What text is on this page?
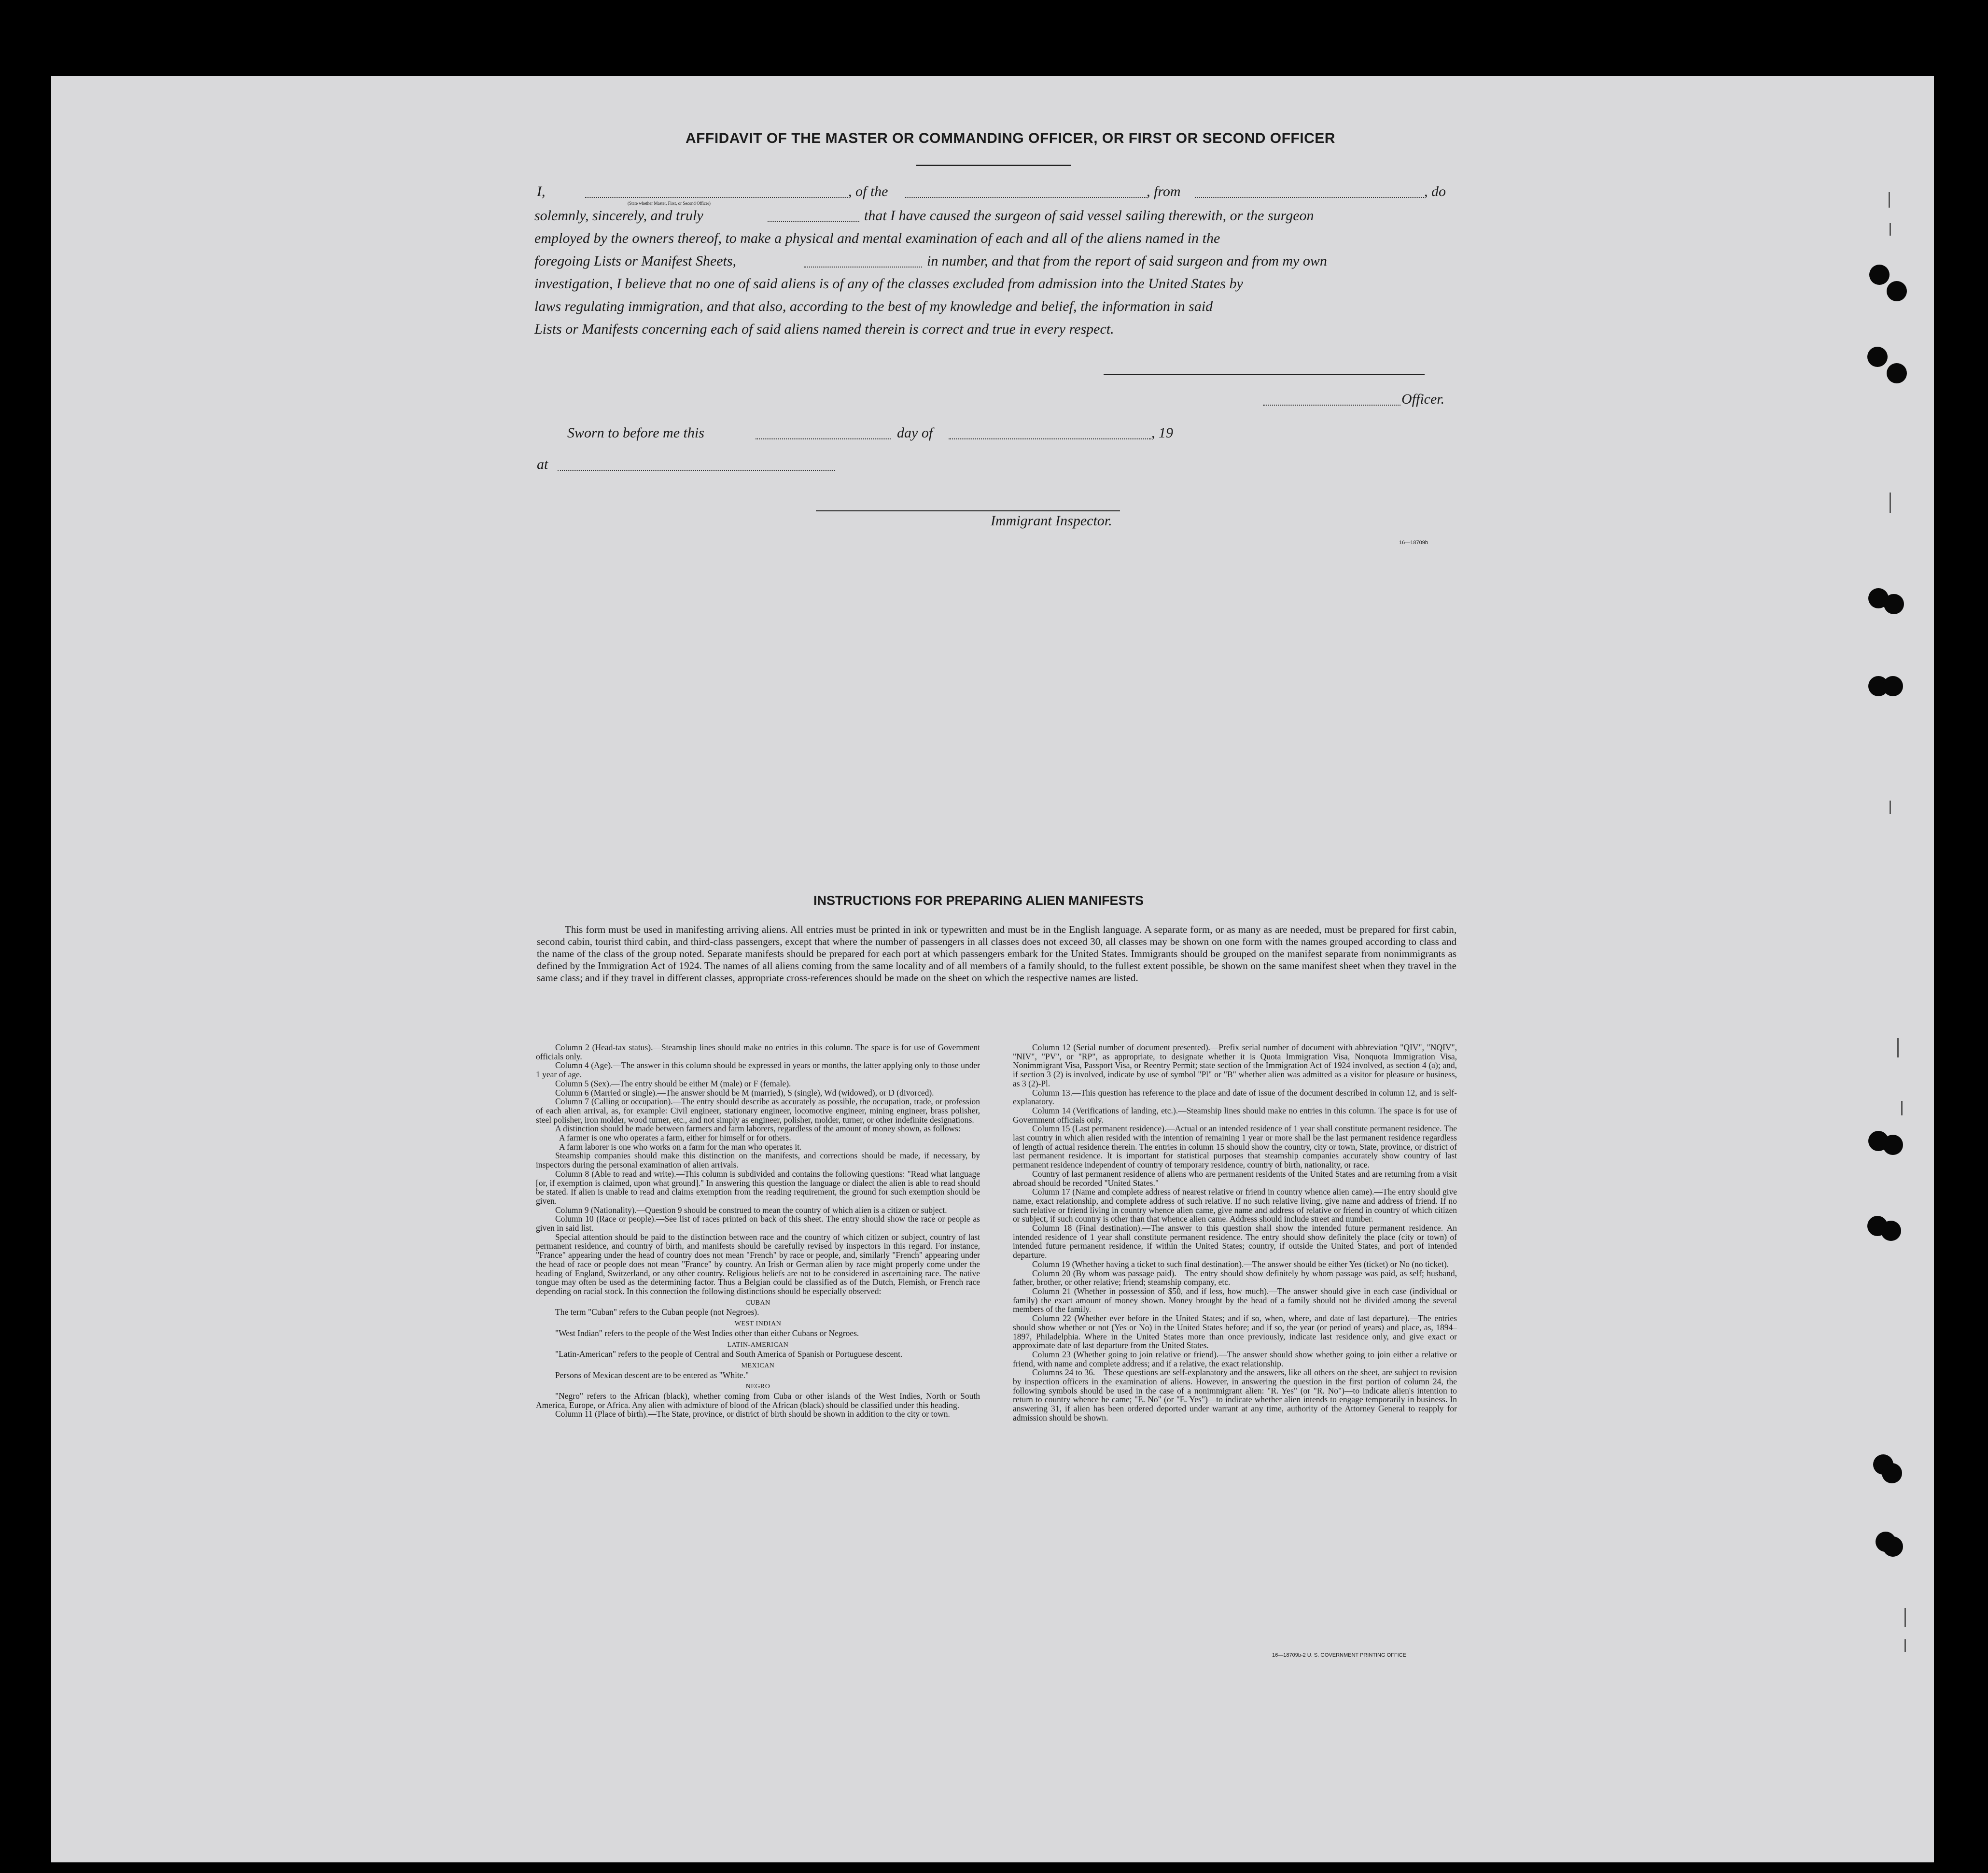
AFFIDAVIT OF THE MASTER OR COMMANDING OFFICER, OR FIRST OR SECOND OFFICER
I,
(State whether Master, First, or Second Officer)
, of the	, from	, do
solemnly, sincerely, and truly	that I have caused the surgeon of said vessel sailing therewith, or the surgeon
employed by the owners thereof, to make a physical and mental examination of each and all of the aliens named in the
foregoing Lists or Manifest Sheets,	in number, and that from the report of said surgeon and from my own
investigation, I believe that no one of said aliens is of any of the classes excluded from admission into the United States by
laws regulating immigration, and that also, according to the best of my knowledge and belief, the information in said
Lists or Manifests concerning each of said aliens named therein is correct and true in every respect.
Officer.
Sworn to before me this	day of	, 19
at
Immigrant Inspector.
16—18709b
INSTRUCTIONS FOR PREPARING ALIEN MANIFESTS
This form must be used in manifesting arriving aliens. All entries must be printed in ink or typewritten and must be in the English language. A separate form, or as many as are needed, must be prepared for first cabin, second cabin, tourist third cabin, and third-class passengers, except that where the number of passengers in all classes does not exceed 30, all classes may be shown on one form with the names grouped according to class and the name of the class of the group noted. Separate manifests should be prepared for each port at which passengers embark for the United States. Immigrants should be grouped on the manifest separate from nonimmigrants as defined by the Immigration Act of 1924. The names of all aliens coming from the same locality and of all members of a family should, to the fullest extent possible, be shown on the same manifest sheet when they travel in the same class; and if they travel in different classes, appropriate cross-references should be made on the sheet on which the respective names are listed.

Column 2 (Head-tax status).—Steamship lines should make no entries in this column. The space is for use of Government officials only.

Column 4 (Age).—The answer in this column should be expressed in years or months, the latter applying only to those under 1 year of age.

Column 5 (Sex).—The entry should be either M (male) or F (female).

Column 6 (Married or single).—The answer should be M (married), S (single), Wd (widowed), or D (divorced).

Column 7 (Calling or occupation).—The entry should describe as accurately as possible, the occupation, trade, or profession of each alien arrival, as, for example: Civil engineer, stationary engineer, locomotive engineer, mining engineer, brass polisher, steel polisher, iron molder, wood turner, etc., and not simply as engineer, polisher, molder, turner, or other indefinite designations.

A distinction should be made between farmers and farm laborers, regardless of the amount of money shown, as follows:

A farmer is one who operates a farm, either for himself or for others.

A farm laborer is one who works on a farm for the man who operates it.

Steamship companies should make this distinction on the manifests, and corrections should be made, if necessary, by inspectors during the personal examination of alien arrivals.

Column 8 (Able to read and write).—This column is subdivided and contains the following questions: "Read what language [or, if exemption is claimed, upon what ground]." In answering this question the language or dialect the alien is able to read should be stated. If alien is unable to read and claims exemption from the reading requirement, the ground for such exemption should be given.

Column 9 (Nationality).—Question 9 should be construed to mean the country of which alien is a citizen or subject.

Column 10 (Race or people).—See list of races printed on back of this sheet. The entry should show the race or people as given in said list.

Special attention should be paid to the distinction between race and the country of which citizen or subject, country of last permanent residence, and country of birth, and manifests should be carefully revised by inspectors in this regard. For instance, "France" appearing under the head of country does not mean "French" by race or people, and, similarly "French" appearing under the head of race or people does not mean "France" by country. An Irish or German alien by race might properly come under the heading of England, Switzerland, or any other country. Religious beliefs are not to be considered in ascertaining race. The native tongue may often be used as the determining factor. Thus a Belgian could be classified as of the Dutch, Flemish, or French race depending on racial stock. In this connection the following distinctions should be especially observed:

CUBAN

The term "Cuban" refers to the Cuban people (not Negroes).

WEST INDIAN

"West Indian" refers to the people of the West Indies other than either Cubans or Negroes.

LATIN-AMERICAN

"Latin-American" refers to the people of Central and South America of Spanish or Portuguese descent.

MEXICAN

Persons of Mexican descent are to be entered as "White."

NEGRO

"Negro" refers to the African (black), whether coming from Cuba or other islands of the West Indies, North or South America, Europe, or Africa. Any alien with admixture of blood of the African (black) should be classified under this heading.

Column 11 (Place of birth).—The State, province, or district of birth should be shown in addition to the city or town.

Column 12 (Serial number of document presented).—Prefix serial number of document with abbreviation "QIV", "NQIV", "NIV", "PV", or "RP", as appropriate, to designate whether it is Quota Immigration Visa, Nonquota Immigration Visa, Nonimmigrant Visa, Passport Visa, or Reentry Permit; state section of the Immigration Act of 1924 involved, as section 4 (a); and, if section 3 (2) is involved, indicate by use of symbol "Pl" or "B" whether alien was admitted as a visitor for pleasure or business, as 3 (2)-Pl.

Column 13.—This question has reference to the place and date of issue of the document described in column 12, and is self-explanatory.

Column 14 (Verifications of landing, etc.).—Steamship lines should make no entries in this column. The space is for use of Government officials only.

Column 15 (Last permanent residence).—Actual or an intended residence of 1 year shall constitute permanent residence. The last country in which alien resided with the intention of remaining 1 year or more shall be the last permanent residence regardless of length of actual residence therein. The entries in column 15 should show the country, city or town, State, province, or district of last permanent residence. It is important for statistical purposes that steamship companies accurately show country of last permanent residence independent of country of temporary residence, country of birth, nationality, or race.

Country of last permanent residence of aliens who are permanent residents of the United States and are returning from a visit abroad should be recorded "United States."

Column 17 (Name and complete address of nearest relative or friend in country whence alien came).—The entry should give name, exact relationship, and complete address of such relative. If no such relative living, give name and address of friend. If no such relative or friend living in country whence alien came, give name and address of relative or friend in country of which citizen or subject, if such country is other than that whence alien came. Address should include street and number.

Column 18 (Final destination).—The answer to this question shall show the intended future permanent residence. An intended residence of 1 year shall constitute permanent residence. The entry should show definitely the place (city or town) of intended future permanent residence, if within the United States; country, if outside the United States, and port of intended departure.

Column 19 (Whether having a ticket to such final destination).—The answer should be either Yes (ticket) or No (no ticket).

Column 20 (By whom was passage paid).—The entry should show definitely by whom passage was paid, as self; husband, father, brother, or other relative; friend; steamship company, etc.

Column 21 (Whether in possession of $50, and if less, how much).—The answer should give in each case (individual or family) the exact amount of money shown. Money brought by the head of a family should not be divided among the several members of the family.

Column 22 (Whether ever before in the United States; and if so, when, where, and date of last departure).—The entries should show whether or not (Yes or No) in the United States before; and if so, the year (or period of years) and place, as, 1894–1897, Philadelphia. Where in the United States more than once previously, indicate last residence only, and give exact or approximate date of last departure from the United States.

Column 23 (Whether going to join relative or friend).—The answer should show whether going to join either a relative or friend, with name and complete address; and if a relative, the exact relationship.

Columns 24 to 36.—These questions are self-explanatory and the answers, like all others on the sheet, are subject to revision by inspection officers in the examination of aliens. However, in answering the question in the first portion of column 24, the following symbols should be used in the case of a nonimmigrant alien: "R. Yes" (or "R. No")—to indicate alien's intention to return to country whence he came; "E. No" (or "E. Yes")—to indicate whether alien intends to engage temporarily in business. In answering 31, if alien has been ordered deported under warrant at any time, authority of the Attorney General to reapply for admission should be shown.

16—18709b-2 U. S. GOVERNMENT PRINTING OFFICE
